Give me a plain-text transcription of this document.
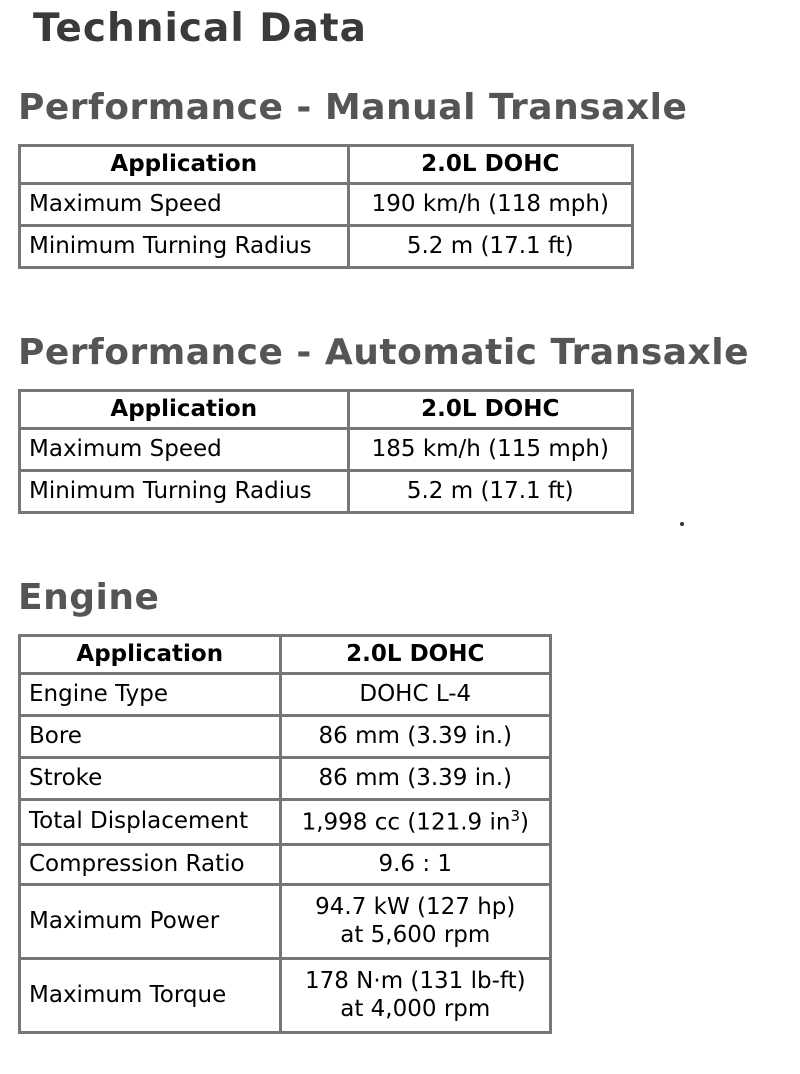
Technical Data
Performance - Manual Transaxle
Application	2.0L DOHC
Maximum Speed	190 km/h (118 mph)
Minimum Turning Radius	5.2 m (17.1 ft)
Performance - Automatic Transaxle
Application	2.0L DOHC
Maximum Speed	185 km/h (115 mph)
Minimum Turning Radius	5.2 m (17.1 ft)
Engine
Application	2.0L DOHC
Engine Type	DOHC L-4
Bore	86 mm (3.39 in.)
Stroke	86 mm (3.39 in.)
Total Displacement	1,998 cc (121.9 $in^3$)
Compression Ratio	9.6 : 1
Maximum Power	94.7 kW (127 hp)
at 5,600 rpm

Maximum Torque	178 N·m (131 lb-ft)
at 4,000 rpm
